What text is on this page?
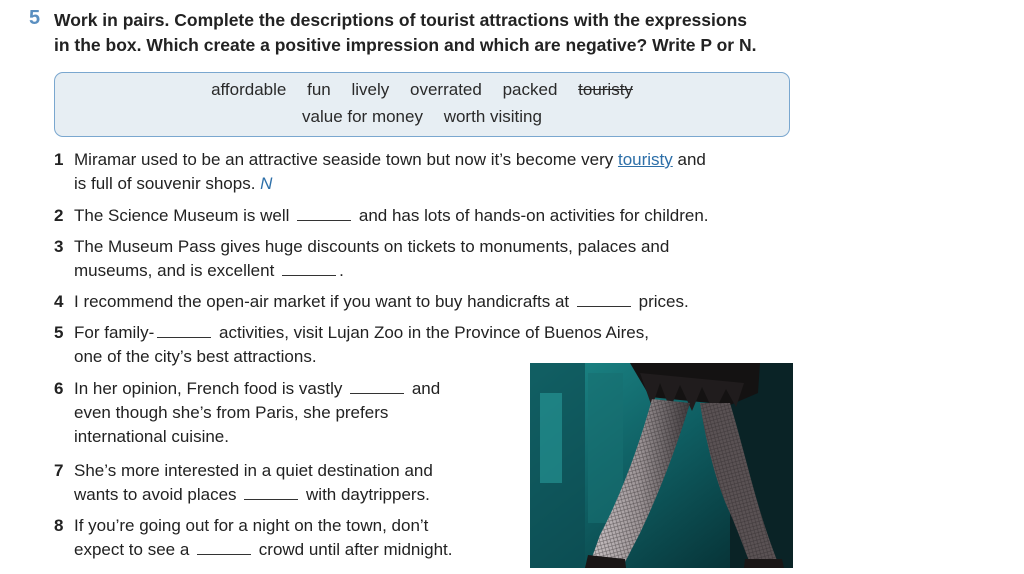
5 Work in pairs. Complete the descriptions of tourist attractions with the expressions
in the box. Which create a positive impression and which are negative? Write P or N.
affordable fun lively overrated packed touristy
value for money worth visiting
1 Miramar used to be an attractive seaside town but now it’s become very touristy and
is full of souvenir shops. N
2 The Science Museum is well	and has lots of hands-on activities for children.
3 The Museum Pass gives huge discounts on tickets to monuments, palaces and
museums, and is excellent	.
4 I recommend the open-air market if you want to buy handicrafts at	prices.
5 For family-	activities, visit Lujan Zoo in the Province of Buenos Aires,
one of the city’s best attractions.
6 In her opinion, French food is vastly	and
even though she’s from Paris, she prefers
international cuisine.
7 She’s more interested in a quiet destination and
wants to avoid places	with daytrippers.
8 If you’re going out for a night on the town, don’t
expect to see a	crowd until after midnight.
